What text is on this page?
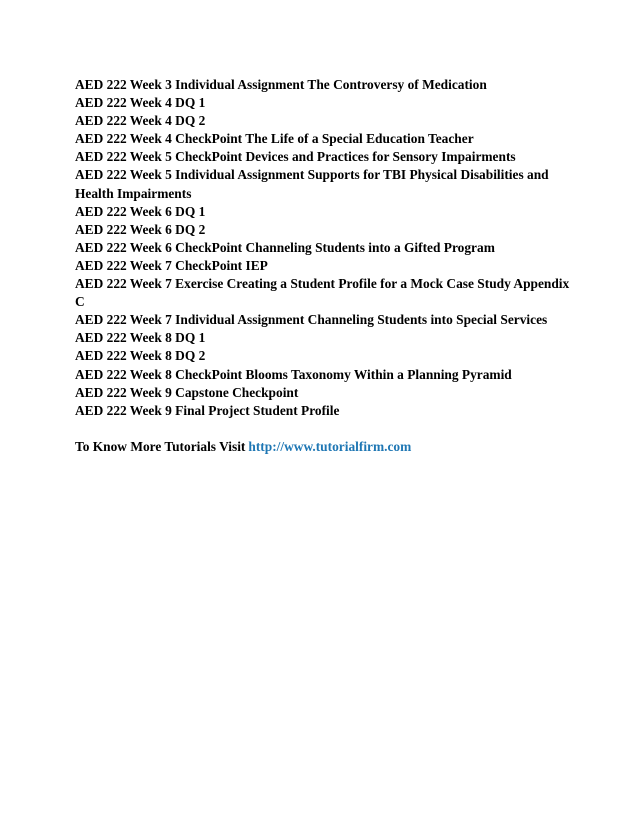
AED 222 Week 3 Individual Assignment The Controversy of Medication
AED 222 Week 4 DQ 1
AED 222 Week 4 DQ 2
AED 222 Week 4 CheckPoint The Life of a Special Education Teacher
AED 222 Week 5 CheckPoint Devices and Practices for Sensory Impairments
AED 222 Week 5 Individual Assignment Supports for TBI Physical Disabilities and Health Impairments
AED 222 Week 6 DQ 1
AED 222 Week 6 DQ 2
AED 222 Week 6 CheckPoint Channeling Students into a Gifted Program
AED 222 Week 7 CheckPoint IEP
AED 222 Week 7 Exercise Creating a Student Profile for a Mock Case Study Appendix C
AED 222 Week 7 Individual Assignment Channeling Students into Special Services
AED 222 Week 8 DQ 1
AED 222 Week 8 DQ 2
AED 222 Week 8 CheckPoint Blooms Taxonomy Within a Planning Pyramid
AED 222 Week 9 Capstone Checkpoint
AED 222 Week 9 Final Project Student Profile
To Know More Tutorials Visit http://www.tutorialfirm.com
